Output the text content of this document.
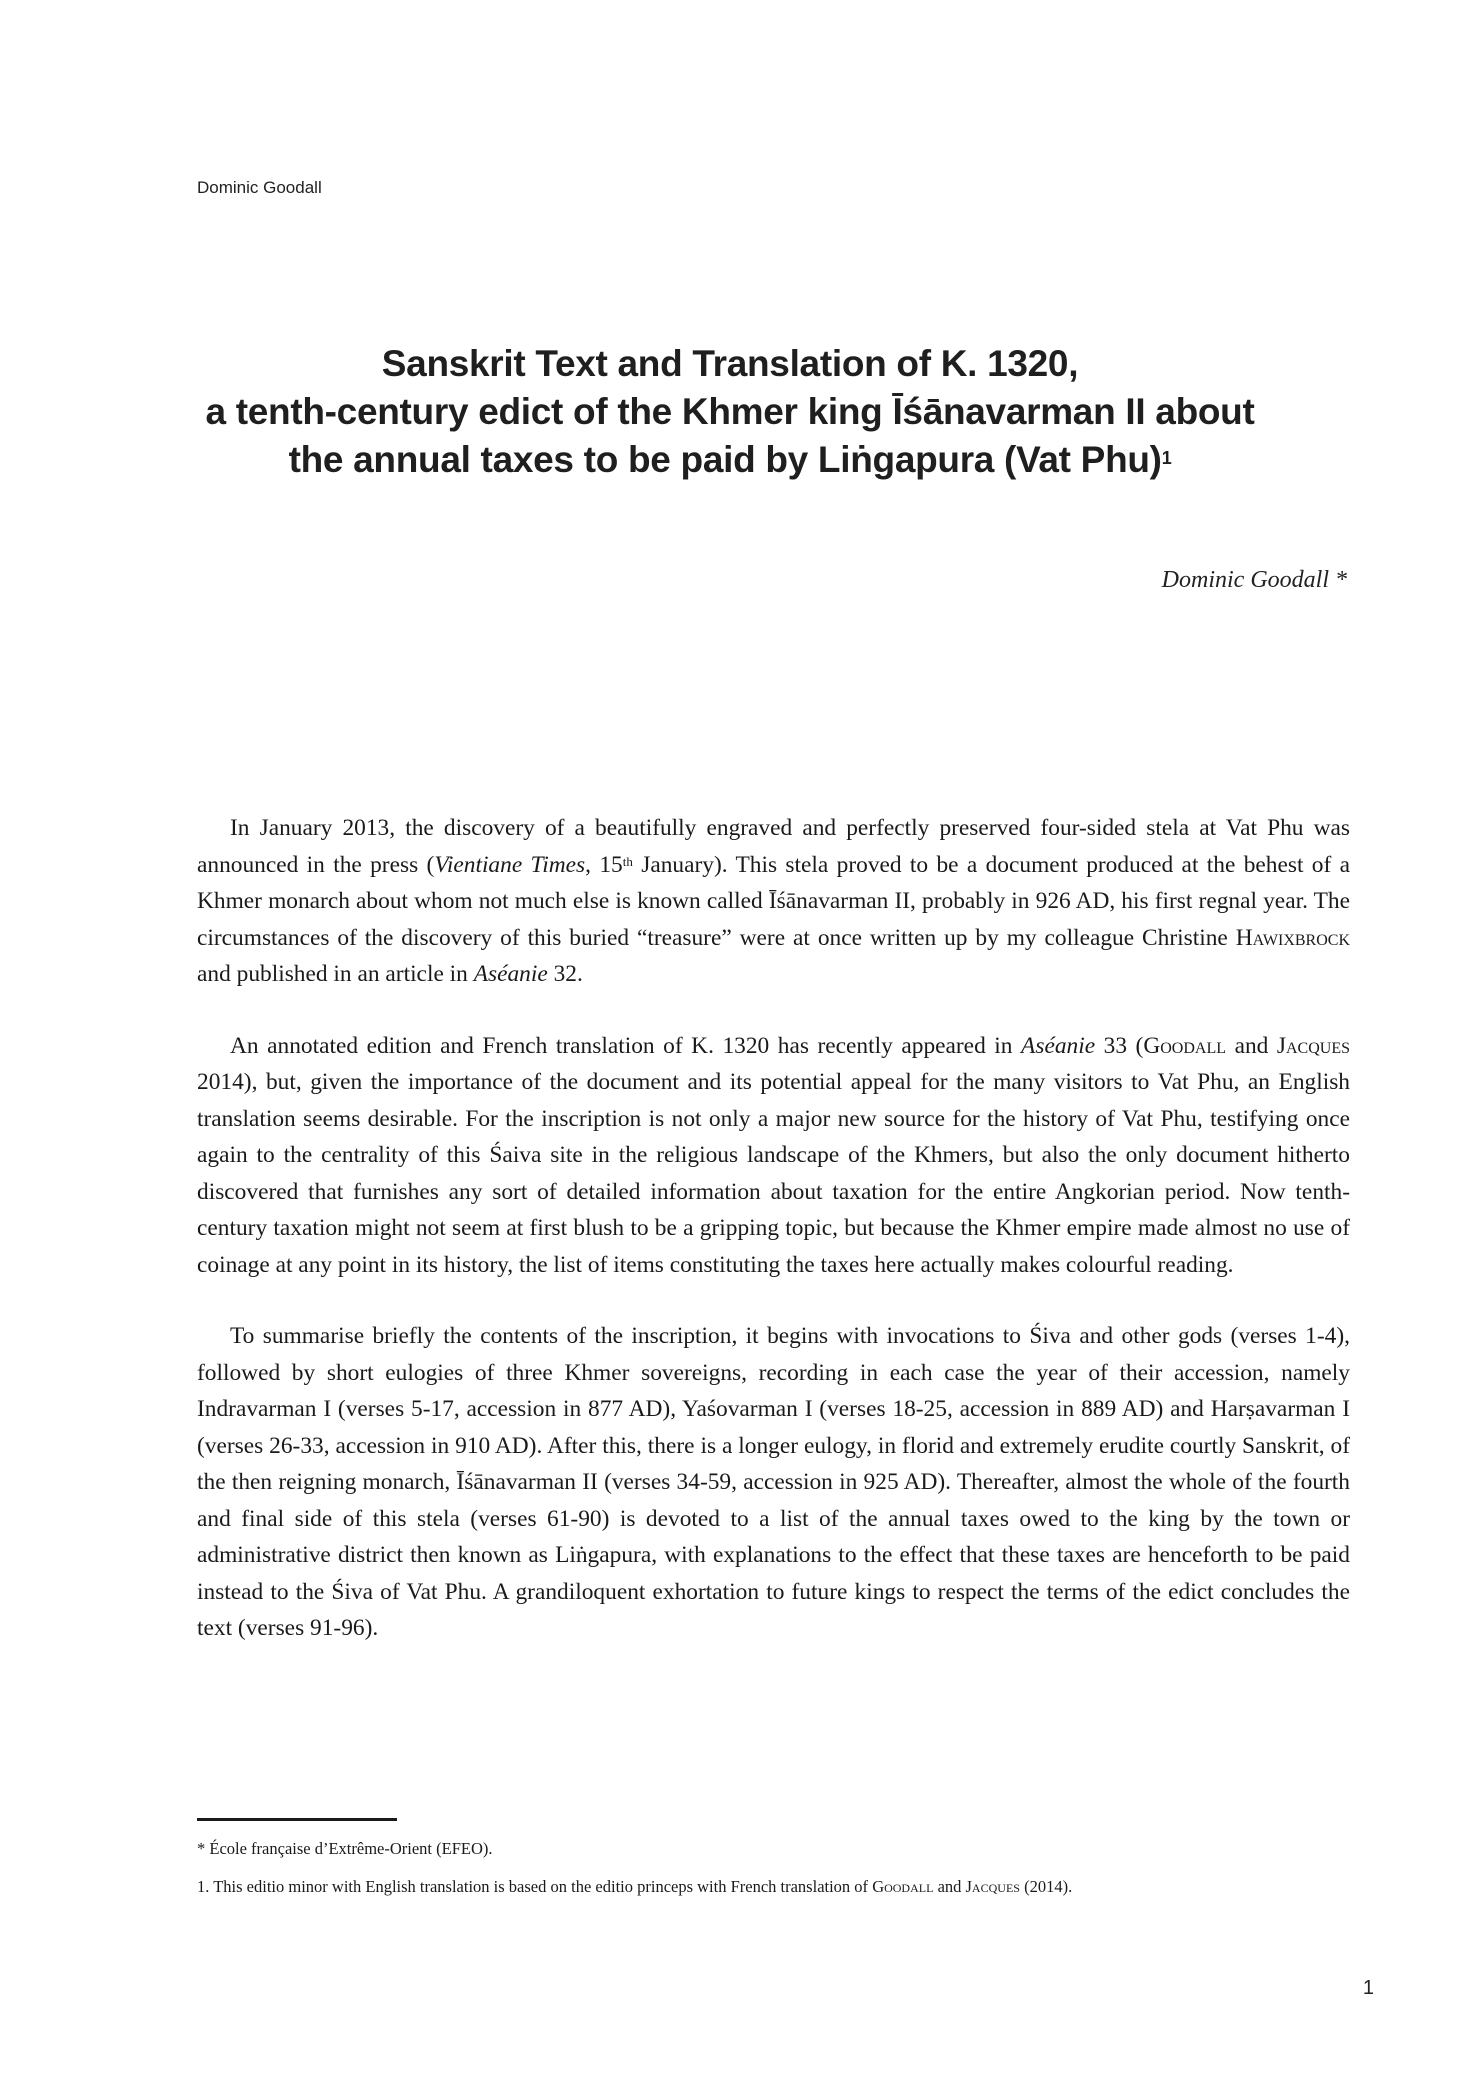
Dominic Goodall
Sanskrit Text and Translation of K. 1320,
a tenth-century edict of the Khmer king Īśānavarman II about
the annual taxes to be paid by Liṅgapura (Vat Phu)$^1$
Dominic Goodall *

In January 2013, the discovery of a beautifully engraved and perfectly preserved four-sided stela at Vat Phu was announced in the press (Vientiane Times, 15th January). This stela proved to be a document produced at the behest of a Khmer monarch about whom not much else is known called Īśānavarman II, probably in 926 AD, his first regnal year. The circumstances of the discovery of this buried “treasure” were at once written up by my colleague Christine Hawixbrock and published in an article in Aséanie 32.

An annotated edition and French translation of K. 1320 has recently appeared in Aséanie 33 (Goodall and Jacques 2014), but, given the importance of the document and its potential appeal for the many visitors to Vat Phu, an English translation seems desirable. For the inscription is not only a major new source for the history of Vat Phu, testifying once again to the centrality of this Śaiva site in the religious landscape of the Khmers, but also the only document hitherto discovered that furnishes any sort of detailed information about taxation for the entire Angkorian period. Now tenth-century taxation might not seem at first blush to be a gripping topic, but because the Khmer empire made almost no use of coinage at any point in its history, the list of items constituting the taxes here actually makes colourful reading.

To summarise briefly the contents of the inscription, it begins with invocations to Śiva and other gods (verses 1-4), followed by short eulogies of three Khmer sovereigns, recording in each case the year of their accession, namely Indravarman I (verses 5-17, accession in 877 AD), Yaśovarman I (verses 18-25, accession in 889 AD) and Harṣavarman I (verses 26-33, accession in 910 AD). After this, there is a longer eulogy, in florid and extremely erudite courtly Sanskrit, of the then reigning monarch, Īśānavarman II (verses 34-59, accession in 925 AD). Thereafter, almost the whole of the fourth and final side of this stela (verses 61-90) is devoted to a list of the annual taxes owed to the king by the town or administrative district then known as Liṅgapura, with explanations to the effect that these taxes are henceforth to be paid instead to the Śiva of Vat Phu. A grandiloquent exhortation to future kings to respect the terms of the edict concludes the text (verses 91-96).

* École française d’Extrême-Orient (EFEO).
1. This editio minor with English translation is based on the editio princeps with French translation of Goodall and Jacques (2014).
1
